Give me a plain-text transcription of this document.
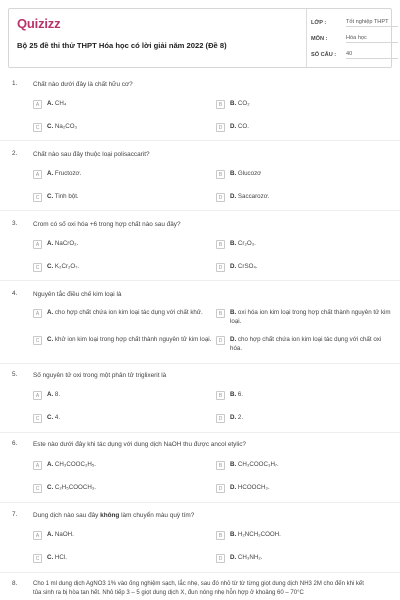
Quizizz
Bộ 25 đề thi thử THPT Hóa học có lời giải năm 2022 (Đề 8)
LỚP :	Tốt nghiệp THPT
MÔN :	Hóa học
SỐ CÂU :	40
1. Chất nào dưới đây là chất hữu cơ?
A	A. CH₄	B	B. CO₂
C	C. Na₂CO₃	D	D. CO.
2. Chất nào sau đây thuộc loại polisaccarit?
A	A. Fructozơ.	B	B. Glucozơ
C	C. Tinh bột.	D	D. Saccarozơ.
3. Crom có số oxi hóa +6 trong hợp chất nào sau đây?
A	A. NaCrO₂.	B	B. Cr₂O₃.
C	C. K₂Cr₂O₇.	D	D. CrSO₄.
4. Nguyên tắc điều chế kim loại là
A	A. cho hợp chất chứa ion kim loại tác dụng với chất khử.	B	B. oxi hóa ion kim loại trong hợp chất thành nguyên tử kim loại.
C	C. khử ion kim loại trong hợp chất thành nguyên tử kim loại.	D	D. cho hợp chất chứa ion kim loại tác dụng với chất oxi hóa.
5. Số nguyên tử oxi trong một phân tử triglixerit là
A	A. 8.	B	B. 6.
C	C. 4.	D	D. 2.
6. Este nào dưới đây khi tác dụng với dung dịch NaOH thu được ancol etylic?
A	A. CH₃COOC₂H₅.	B	B. CH₃COOC₃H₇.
C	C. C₂H₅COOCH₃.	D	D. HCOOCH₃.
7. Dung dịch nào sau đây không làm chuyển màu quỳ tím?
A	A. NaOH.	B	B. H₂NCH₂COOH.
C	C. HCl.	D	D. CH₃NH₂.
8.	Cho 1 ml dung dịch AgNO3 1% vào ống nghiệm sạch, lắc nhẹ, sau đó nhỏ từ từ từng giọt dung dịch NH3 2M cho đến khi kết tủa sinh ra bị hòa tan hết. Nhỏ tiếp 3 – 5 giọt dung dịch X, đun nóng nhẹ hỗn hợp ở khoảng 60 – 70°C
